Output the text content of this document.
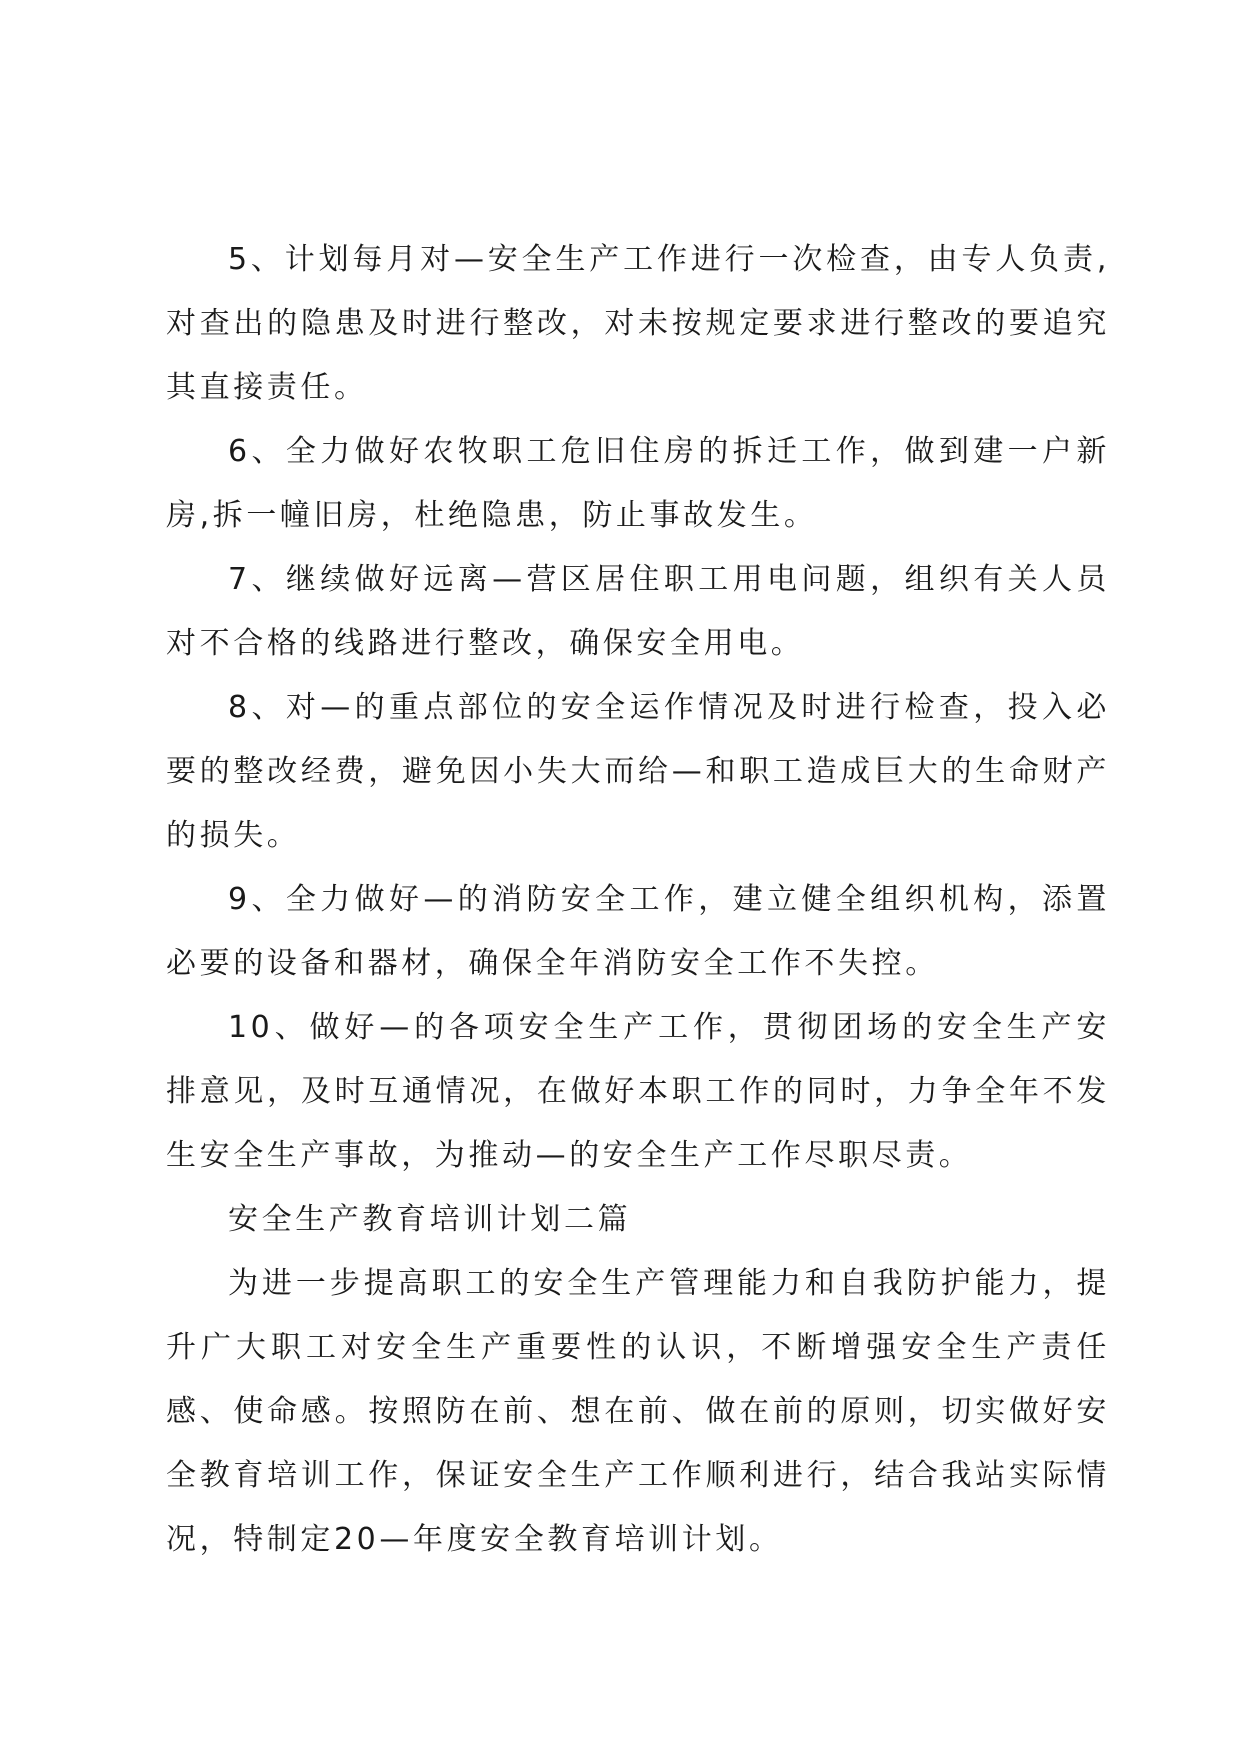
5、计划每月对—安全生产工作进行一次检查，由专人负责,对查出的隐患及时进行整改，对未按规定要求进行整改的要追究其直接责任。

6、全力做好农牧职工危旧住房的拆迁工作，做到建一户新房,拆一幢旧房，杜绝隐患，防止事故发生。

7、继续做好远离—营区居住职工用电问题，组织有关人员对不合格的线路进行整改，确保安全用电。

8、对—的重点部位的安全运作情况及时进行检查，投入必要的整改经费，避免因小失大而给—和职工造成巨大的生命财产的损失。

9、全力做好—的消防安全工作，建立健全组织机构，添置必要的设备和器材，确保全年消防安全工作不失控。

10、做好—的各项安全生产工作，贯彻团场的安全生产安排意见，及时互通情况，在做好本职工作的同时，力争全年不发生安全生产事故，为推动—的安全生产工作尽职尽责。

安全生产教育培训计划二篇

为进一步提高职工的安全生产管理能力和自我防护能力，提升广大职工对安全生产重要性的认识，不断增强安全生产责任感、使命感。按照防在前、想在前、做在前的原则，切实做好安全教育培训工作，保证安全生产工作顺利进行，结合我站实际情况，特制定20—年度安全教育培训计划。
